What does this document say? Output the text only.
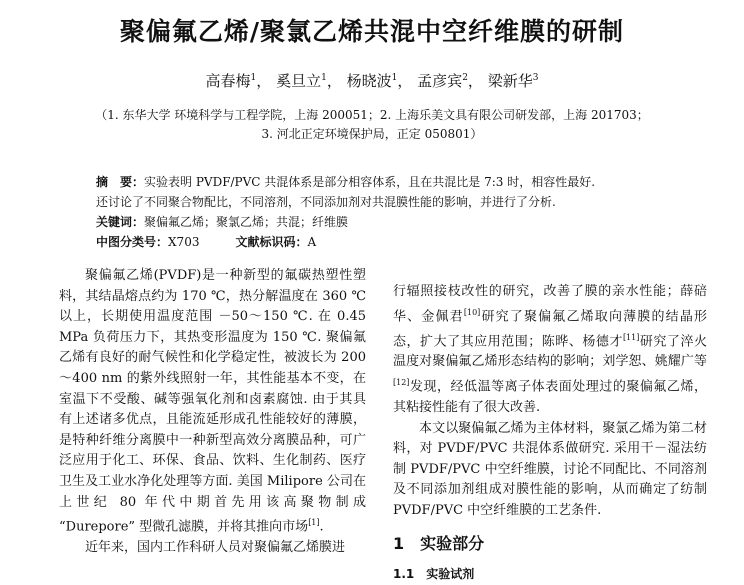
聚偏氟乙烯/聚氯乙烯共混中空纤维膜的研制
高春梅$^1$， 奚旦立$^1$， 杨晓波$^1$， 孟彦宾$^2$， 梁新华$^3$
（1. 东华大学 环境科学与工程学院，上海 200051；2. 上海乐美文具有限公司研发部，上海 201703；
3. 河北正定环境保护局，正定 050801）
摘　要：实验表明 PVDF/PVC 共混体系是部分相容体系，且在共混比是 7:3 时，相容性最好.
还讨论了不同聚合物配比，不同溶剂，不同添加剂对共混膜性能的影响，并进行了分析.
关键词：聚偏氟乙烯；聚氯乙烯；共混；纤维膜
中图分类号：X703	文献标识码：A

聚偏氟乙烯(PVDF)是一种新型的氟碳热塑性塑料，其结晶熔点约为 170 ℃，热分解温度在 360 ℃ 以上，长期使用温度范围 －50～150 ℃. 在 0.45 MPa 负荷压力下，其热变形温度为 150 ℃. 聚偏氟乙烯有良好的耐气候性和化学稳定性，被波长为 200～400 nm 的紫外线照射一年，其性能基本不变，在室温下不受酸、碱等强氧化剂和卤素腐蚀. 由于其具有上述诸多优点，且能流延形成孔性能较好的薄膜，是特种纤维分离膜中一种新型高效分离膜品种，可广泛应用于化工、环保、食品、饮料、生化制药、医疗卫生及工业水净化处理等方面. 美国 Milipore 公司在上世纪 80 年代中期首先用该高聚物制成 “Durepore” 型微孔滤膜，并将其推向市场[1].

近年来，国内工作科研人员对聚偏氟乙烯膜进

行辐照接枝改性的研究，改善了膜的亲水性能；薛碚华、金佩君[10]研究了聚偏氟乙烯取向薄膜的结晶形态，扩大了其应用范围；陈晔、杨德才[11]研究了淬火温度对聚偏氟乙烯形态结构的影响；刘学恕、姚耀广等[12]发现，经低温等离子体表面处理过的聚偏氟乙烯，其粘接性能有了很大改善.

本文以聚偏氟乙烯为主体材料，聚氯乙烯为第二材料，对 PVDF/PVC 共混体系做研究. 采用干－湿法纺制 PVDF/PVC 中空纤维膜，讨论不同配比、不同溶剂及不同添加剂组成对膜性能的影响，从而确定了纺制 PVDF/PVC 中空纤维膜的工艺条件.

1　实验部分
1.1　实验试剂
